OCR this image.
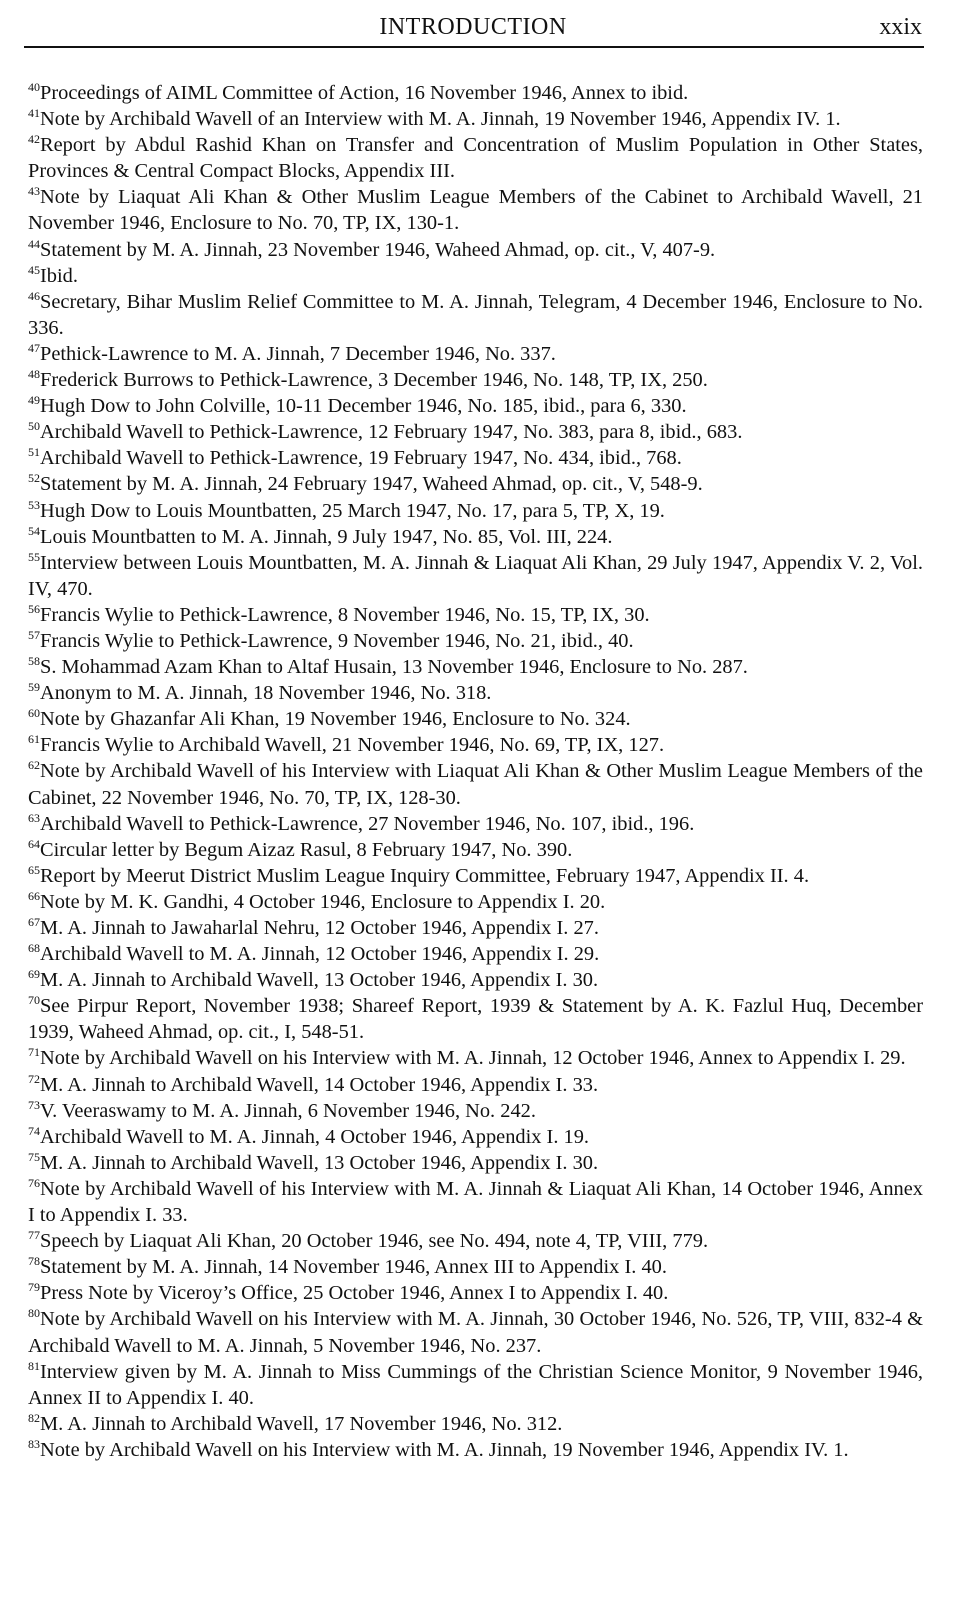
INTRODUCTION	xxix

$^{40}$Proceedings of AIML Committee of Action, 16 November 1946, Annex to ibid.

$^{41}$Note by Archibald Wavell of an Interview with M. A. Jinnah, 19 November 1946, Appendix IV. 1.

$^{42}$Report by Abdul Rashid Khan on Transfer and Concentration of Muslim Population in Other States, Provinces & Central Compact Blocks, Appendix III.

$^{43}$Note by Liaquat Ali Khan & Other Muslim League Members of the Cabinet to Archibald Wavell, 21 November 1946, Enclosure to No. 70, TP, IX, 130-1.

$^{44}$Statement by M. A. Jinnah, 23 November 1946, Waheed Ahmad, op. cit., V, 407-9.

$^{45}$Ibid.

$^{46}$Secretary, Bihar Muslim Relief Committee to M. A. Jinnah, Telegram, 4 December 1946, Enclosure to No. 336.

$^{47}$Pethick-Lawrence to M. A. Jinnah, 7 December 1946, No. 337.

$^{48}$Frederick Burrows to Pethick-Lawrence, 3 December 1946, No. 148, TP, IX, 250.

$^{49}$Hugh Dow to John Colville, 10-11 December 1946, No. 185, ibid., para 6, 330.

$^{50}$Archibald Wavell to Pethick-Lawrence, 12 February 1947, No. 383, para 8, ibid., 683.

$^{51}$Archibald Wavell to Pethick-Lawrence, 19 February 1947, No. 434, ibid., 768.

$^{52}$Statement by M. A. Jinnah, 24 February 1947, Waheed Ahmad, op. cit., V, 548-9.

$^{53}$Hugh Dow to Louis Mountbatten, 25 March 1947, No. 17, para 5, TP, X, 19.

$^{54}$Louis Mountbatten to M. A. Jinnah, 9 July 1947, No. 85, Vol. III, 224.

$^{55}$Interview between Louis Mountbatten, M. A. Jinnah & Liaquat Ali Khan, 29 July 1947, Appendix V. 2, Vol. IV, 470.

$^{56}$Francis Wylie to Pethick-Lawrence, 8 November 1946, No. 15, TP, IX, 30.

$^{57}$Francis Wylie to Pethick-Lawrence, 9 November 1946, No. 21, ibid., 40.

$^{58}$S. Mohammad Azam Khan to Altaf Husain, 13 November 1946, Enclosure to No. 287.

$^{59}$Anonym to M. A. Jinnah, 18 November 1946, No. 318.

$^{60}$Note by Ghazanfar Ali Khan, 19 November 1946, Enclosure to No. 324.

$^{61}$Francis Wylie to Archibald Wavell, 21 November 1946, No. 69, TP, IX, 127.

$^{62}$Note by Archibald Wavell of his Interview with Liaquat Ali Khan & Other Muslim League Members of the Cabinet, 22 November 1946, No. 70, TP, IX, 128-30.

$^{63}$Archibald Wavell to Pethick-Lawrence, 27 November 1946, No. 107, ibid., 196.

$^{64}$Circular letter by Begum Aizaz Rasul, 8 February 1947, No. 390.

$^{65}$Report by Meerut District Muslim League Inquiry Committee, February 1947, Appendix II. 4.

$^{66}$Note by M. K. Gandhi, 4 October 1946, Enclosure to Appendix I. 20.

$^{67}$M. A. Jinnah to Jawaharlal Nehru, 12 October 1946, Appendix I. 27.

$^{68}$Archibald Wavell to M. A. Jinnah, 12 October 1946, Appendix I. 29.

$^{69}$M. A. Jinnah to Archibald Wavell, 13 October 1946, Appendix I. 30.

$^{70}$See Pirpur Report, November 1938; Shareef Report, 1939 & Statement by A. K. Fazlul Huq, December 1939, Waheed Ahmad, op. cit., I, 548-51.

$^{71}$Note by Archibald Wavell on his Interview with M. A. Jinnah, 12 October 1946, Annex to Appendix I. 29.

$^{72}$M. A. Jinnah to Archibald Wavell, 14 October 1946, Appendix I. 33.

$^{73}$V. Veeraswamy to M. A. Jinnah, 6 November 1946, No. 242.

$^{74}$Archibald Wavell to M. A. Jinnah, 4 October 1946, Appendix I. 19.

$^{75}$M. A. Jinnah to Archibald Wavell, 13 October 1946, Appendix I. 30.

$^{76}$Note by Archibald Wavell of his Interview with M. A. Jinnah & Liaquat Ali Khan, 14 October 1946, Annex I to Appendix I. 33.

$^{77}$Speech by Liaquat Ali Khan, 20 October 1946, see No. 494, note 4, TP, VIII, 779.

$^{78}$Statement by M. A. Jinnah, 14 November 1946, Annex III to Appendix I. 40.

$^{79}$Press Note by Viceroy’s Office, 25 October 1946, Annex I to Appendix I. 40.

$^{80}$Note by Archibald Wavell on his Interview with M. A. Jinnah, 30 October 1946, No. 526, TP, VIII, 832-4 & Archibald Wavell to M. A. Jinnah, 5 November 1946, No. 237.

$^{81}$Interview given by M. A. Jinnah to Miss Cummings of the Christian Science Monitor, 9 November 1946, Annex II to Appendix I. 40.

$^{82}$M. A. Jinnah to Archibald Wavell, 17 November 1946, No. 312.

$^{83}$Note by Archibald Wavell on his Interview with M. A. Jinnah, 19 November 1946, Appendix IV. 1.
